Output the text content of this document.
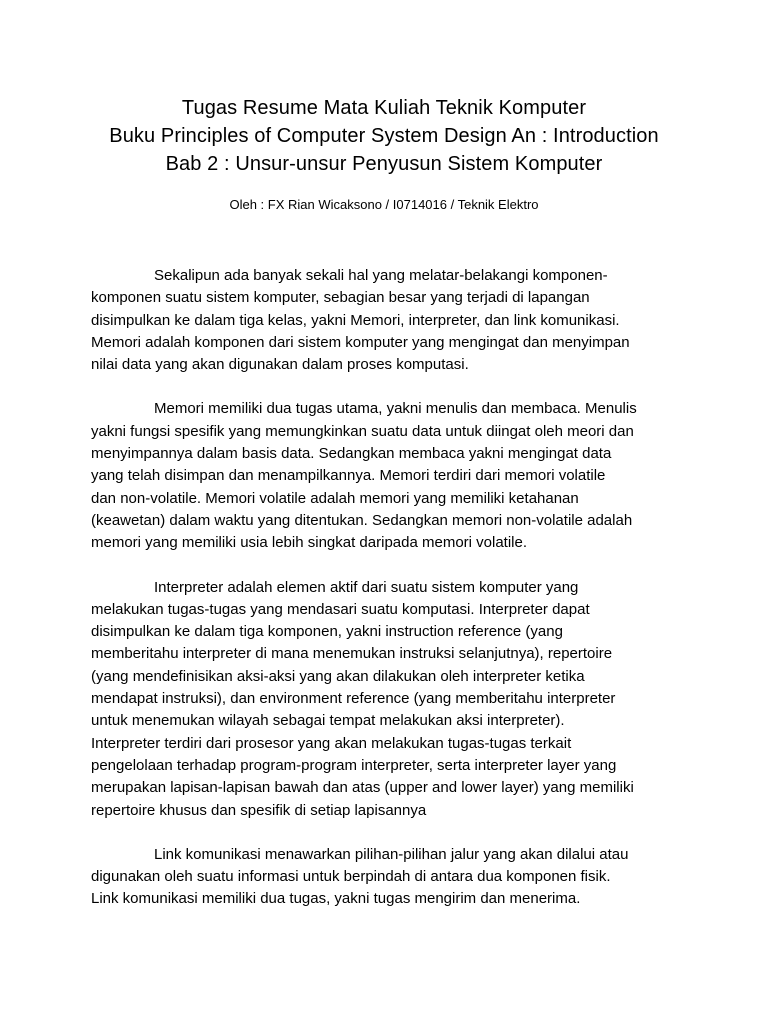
Tugas Resume Mata Kuliah Teknik Komputer
Buku Principles of Computer System Design An : Introduction
Bab 2 : Unsur-unsur Penyusun Sistem Komputer
Oleh : FX Rian Wicaksono / I0714016 / Teknik Elektro
Sekalipun ada banyak sekali hal yang melatar-belakangi komponen-
komponen suatu sistem komputer, sebagian besar yang terjadi di lapangan
disimpulkan ke dalam tiga kelas, yakni Memori, interpreter, dan link komunikasi.
Memori adalah komponen dari sistem komputer yang mengingat dan menyimpan
nilai data yang akan digunakan dalam proses komputasi.
Memori memiliki dua tugas utama, yakni menulis dan membaca. Menulis
yakni fungsi spesifik yang memungkinkan suatu data untuk diingat oleh meori dan
menyimpannya dalam basis data. Sedangkan membaca yakni mengingat data
yang telah disimpan dan menampilkannya. Memori terdiri dari memori volatile
dan non-volatile. Memori volatile adalah memori yang memiliki ketahanan
(keawetan) dalam waktu yang ditentukan. Sedangkan memori non-volatile adalah
memori yang memiliki usia lebih singkat daripada memori volatile.
Interpreter adalah elemen aktif dari suatu sistem komputer yang
melakukan tugas-tugas yang mendasari suatu komputasi. Interpreter dapat
disimpulkan ke dalam tiga komponen, yakni instruction reference (yang
memberitahu interpreter di mana menemukan instruksi selanjutnya), repertoire
(yang mendefinisikan aksi-aksi yang akan dilakukan oleh interpreter ketika
mendapat instruksi), dan environment reference (yang memberitahu interpreter
untuk menemukan wilayah sebagai tempat melakukan aksi interpreter).
Interpreter terdiri dari prosesor yang akan melakukan tugas-tugas terkait
pengelolaan terhadap program-program interpreter, serta interpreter layer yang
merupakan lapisan-lapisan bawah dan atas (upper and lower layer) yang memiliki
repertoire khusus dan spesifik di setiap lapisannya
Link komunikasi menawarkan pilihan-pilihan jalur yang akan dilalui atau
digunakan oleh suatu informasi untuk berpindah di antara dua komponen fisik.
Link komunikasi memiliki dua tugas, yakni tugas mengirim dan menerima.
